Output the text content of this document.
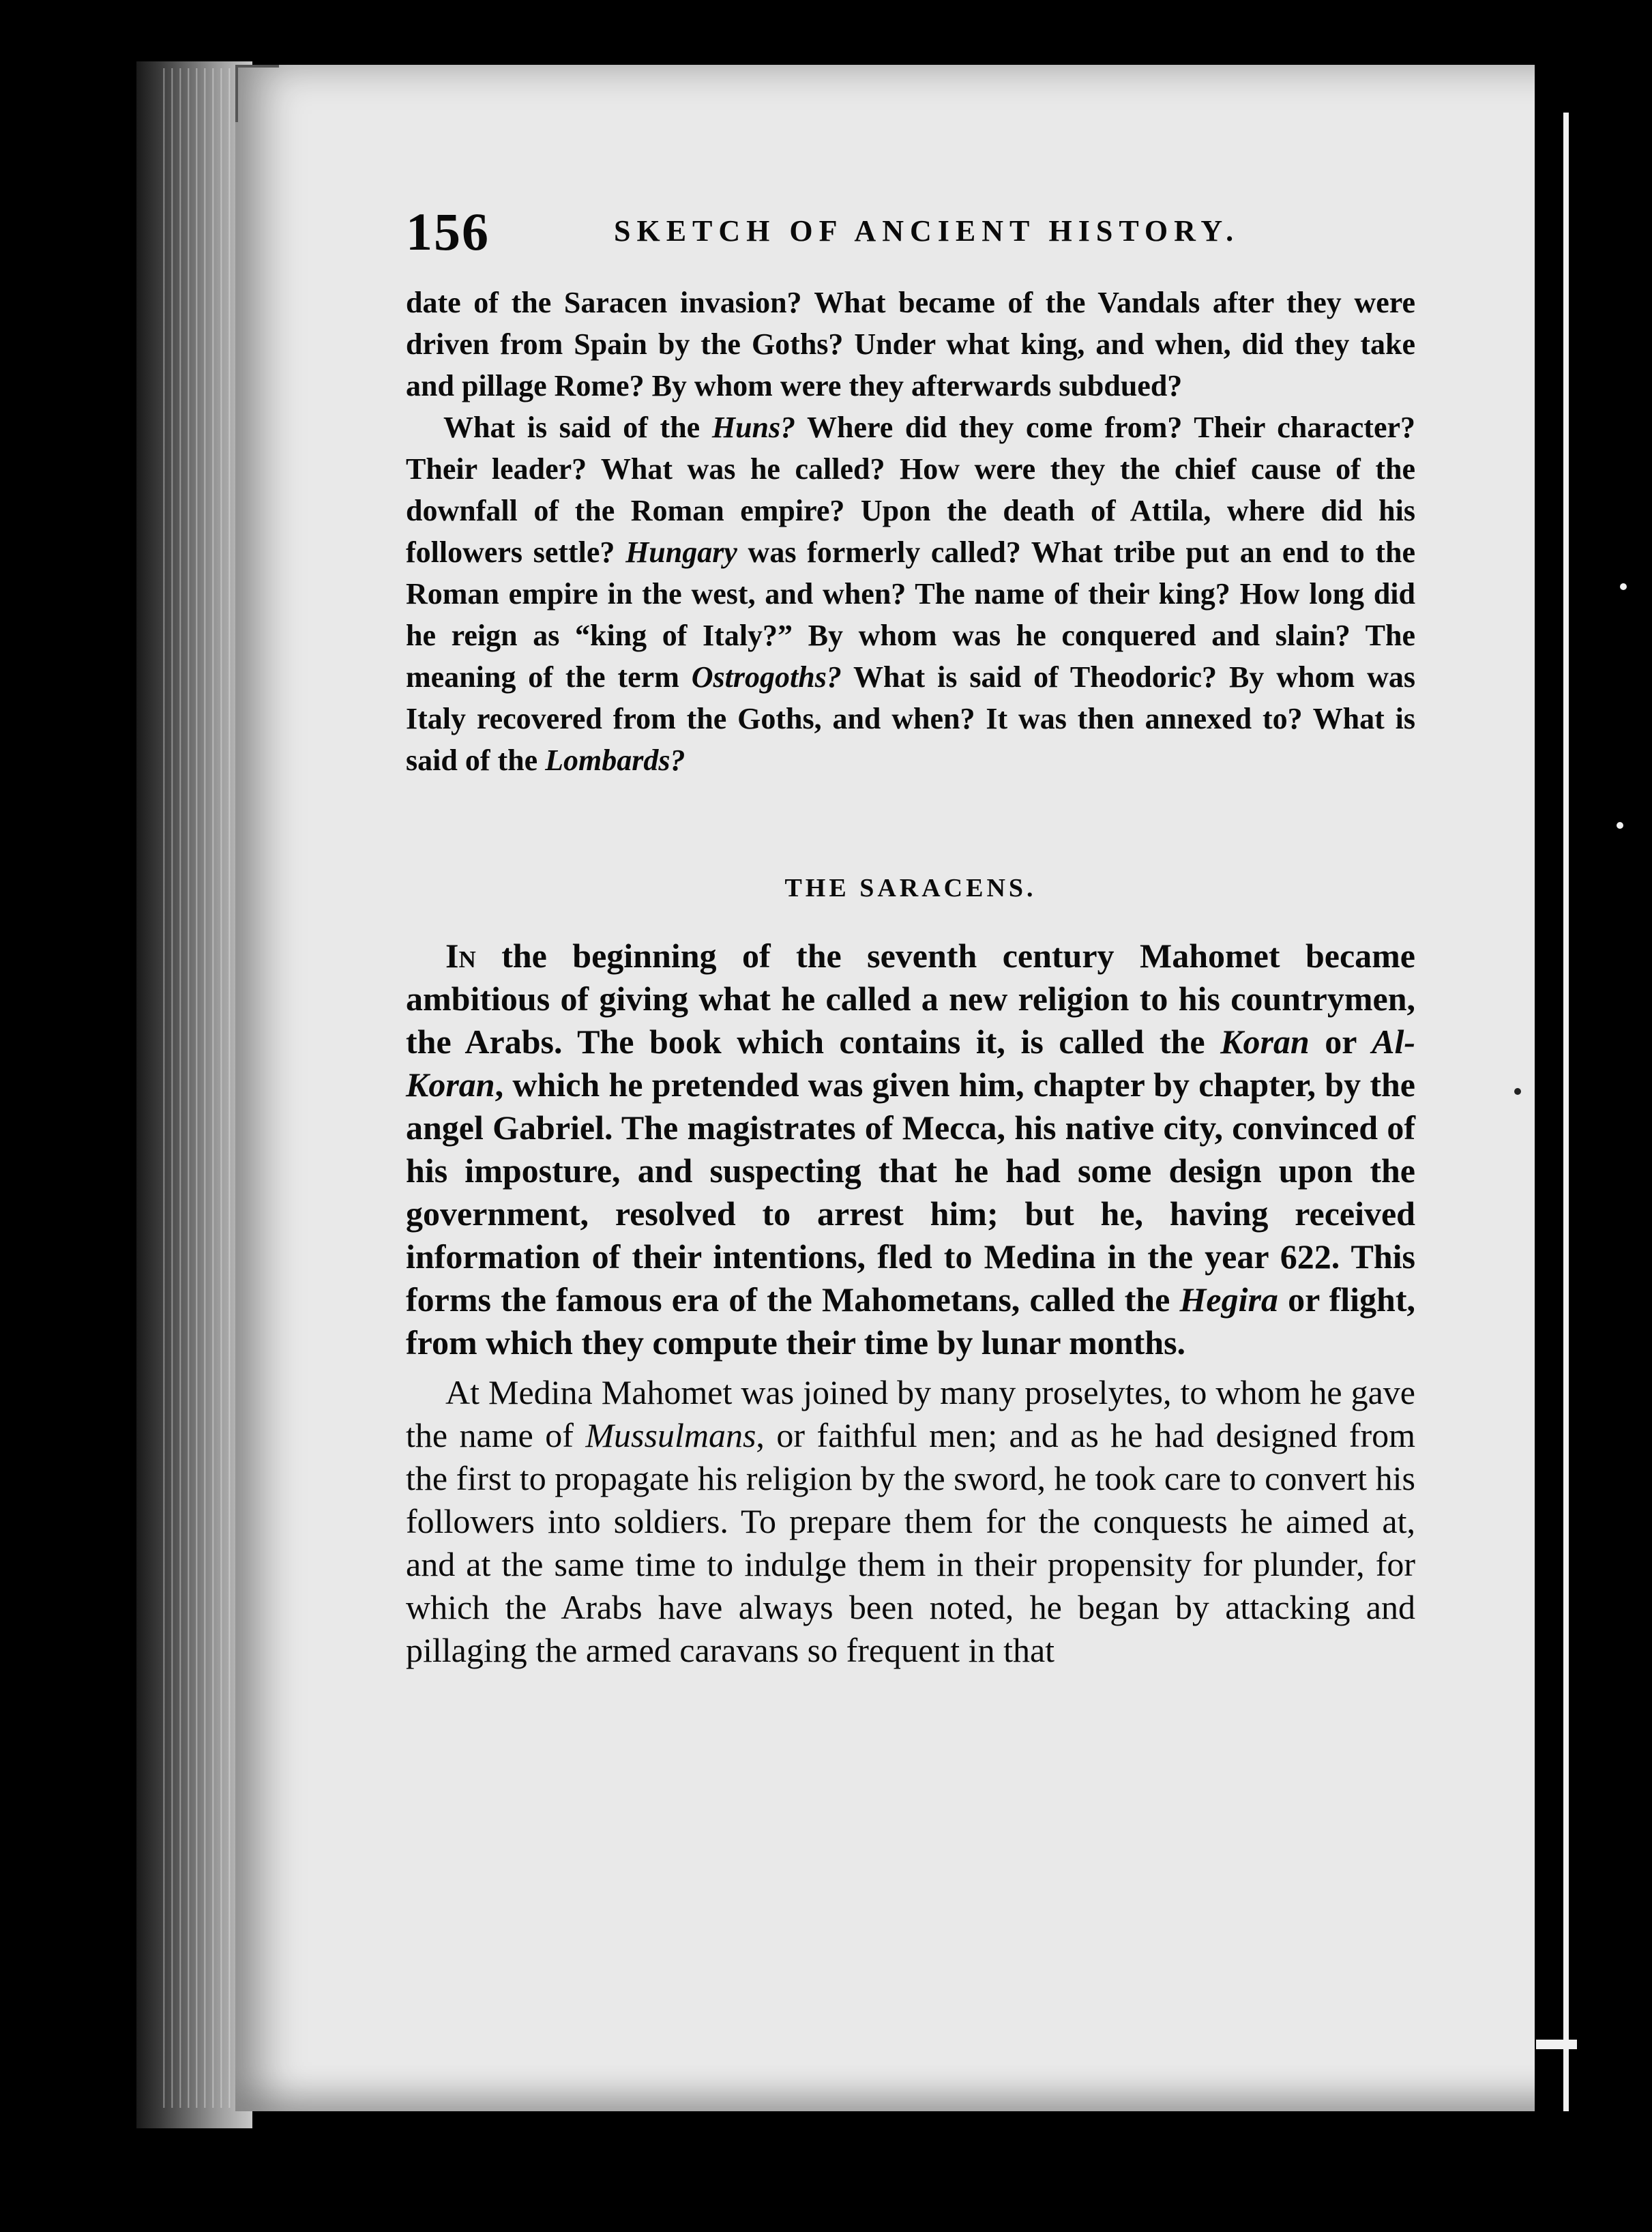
156	SKETCH OF ANCIENT HISTORY.

date of the Saracen invasion? What became of the Vandals after they were driven from Spain by the Goths? Under what king, and when, did they take and pillage Rome? By whom were they afterwards subdued?

What is said of the Huns? Where did they come from? Their character? Their leader? What was he called? How were they the chief cause of the downfall of the Roman empire? Upon the death of Attila, where did his followers settle? Hungary was formerly called? What tribe put an end to the Roman empire in the west, and when? The name of their king? How long did he reign as “king of Italy?” By whom was he conquered and slain? The meaning of the term Ostrogoths? What is said of Theodoric? By whom was Italy recovered from the Goths, and when? It was then annexed to? What is said of the Lombards?

THE SARACENS.

In the beginning of the seventh century Mahomet became ambitious of giving what he called a new religion to his countrymen, the Arabs. The book which contains it, is called the Koran or Al-Koran, which he pretended was given him, chapter by chapter, by the angel Gabriel. The magistrates of Mecca, his native city, convinced of his imposture, and suspecting that he had some design upon the government, resolved to arrest him; but he, having received information of their intentions, fled to Medina in the year 622. This forms the famous era of the Mahometans, called the Hegira or flight, from which they compute their time by lunar months.

At Medina Mahomet was joined by many proselytes, to whom he gave the name of Mussulmans, or faithful men; and as he had designed from the first to propagate his religion by the sword, he took care to convert his followers into soldiers. To prepare them for the conquests he aimed at, and at the same time to indulge them in their propensity for plunder, for which the Arabs have always been noted, he began by attacking and pillaging the armed caravans so frequent in that
